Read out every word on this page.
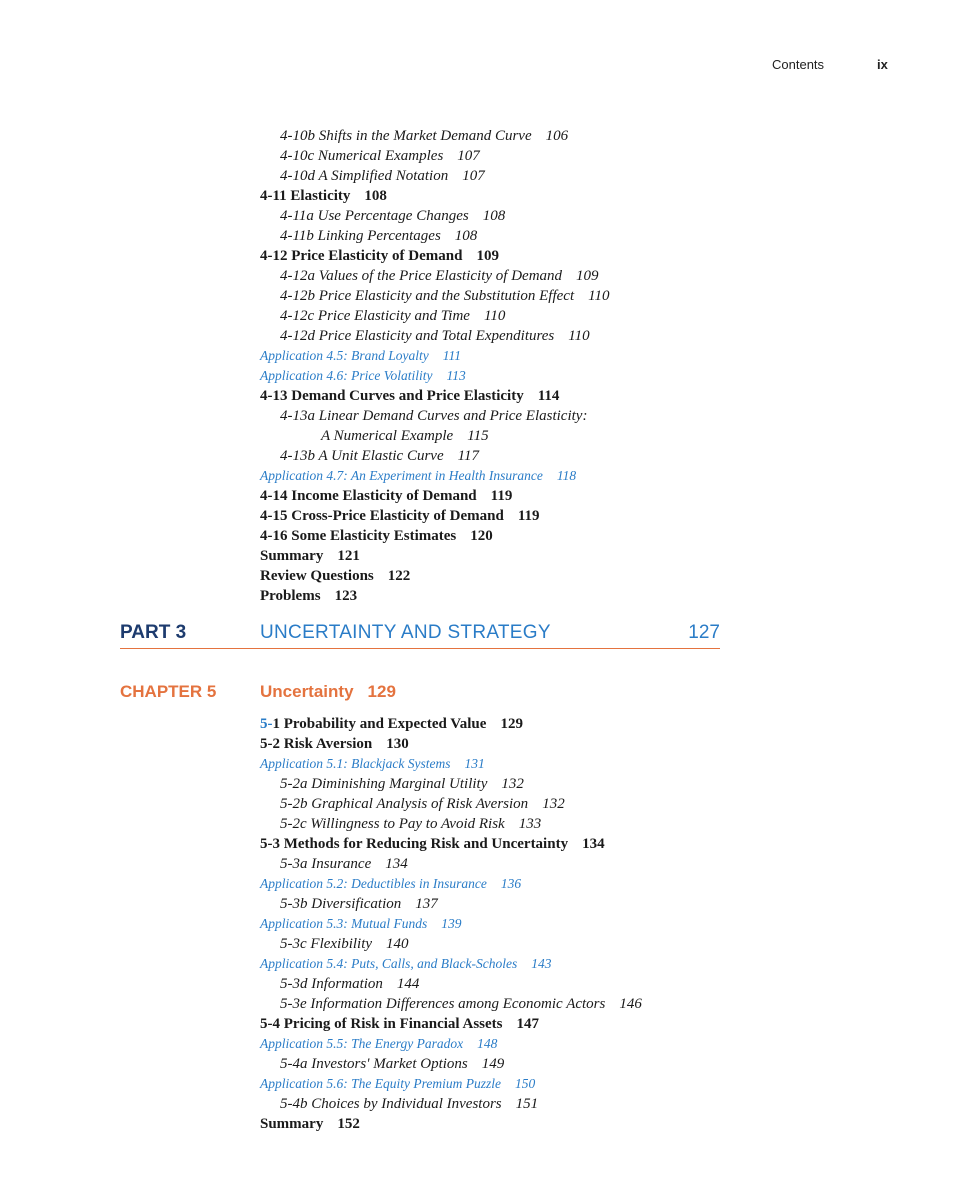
Contents	ix
4-10b Shifts in the Market Demand Curve 106
4-10c Numerical Examples 107
4-10d A Simplified Notation 107
4-11 Elasticity 108
4-11a Use Percentage Changes 108
4-11b Linking Percentages 108
4-12 Price Elasticity of Demand 109
4-12a Values of the Price Elasticity of Demand 109
4-12b Price Elasticity and the Substitution Effect 110
4-12c Price Elasticity and Time 110
4-12d Price Elasticity and Total Expenditures 110
Application 4.5: Brand Loyalty 111
Application 4.6: Price Volatility 113
4-13 Demand Curves and Price Elasticity 114
4-13a Linear Demand Curves and Price Elasticity:
A Numerical Example 115
4-13b A Unit Elastic Curve 117
Application 4.7: An Experiment in Health Insurance 118
4-14 Income Elasticity of Demand 119
4-15 Cross-Price Elasticity of Demand 119
4-16 Some Elasticity Estimates 120
Summary 121
Review Questions 122
Problems 123
PART 3	UNCERTAINTY AND STRATEGY	127
CHAPTER 5	Uncertainty 129
5-1 Probability and Expected Value 129
5-2 Risk Aversion 130
Application 5.1: Blackjack Systems 131
5-2a Diminishing Marginal Utility 132
5-2b Graphical Analysis of Risk Aversion 132
5-2c Willingness to Pay to Avoid Risk 133
5-3 Methods for Reducing Risk and Uncertainty 134
5-3a Insurance 134
Application 5.2: Deductibles in Insurance 136
5-3b Diversification 137
Application 5.3: Mutual Funds 139
5-3c Flexibility 140
Application 5.4: Puts, Calls, and Black-Scholes 143
5-3d Information 144
5-3e Information Differences among Economic Actors 146
5-4 Pricing of Risk in Financial Assets 147
Application 5.5: The Energy Paradox 148
5-4a Investors' Market Options 149
Application 5.6: The Equity Premium Puzzle 150
5-4b Choices by Individual Investors 151
Summary 152
